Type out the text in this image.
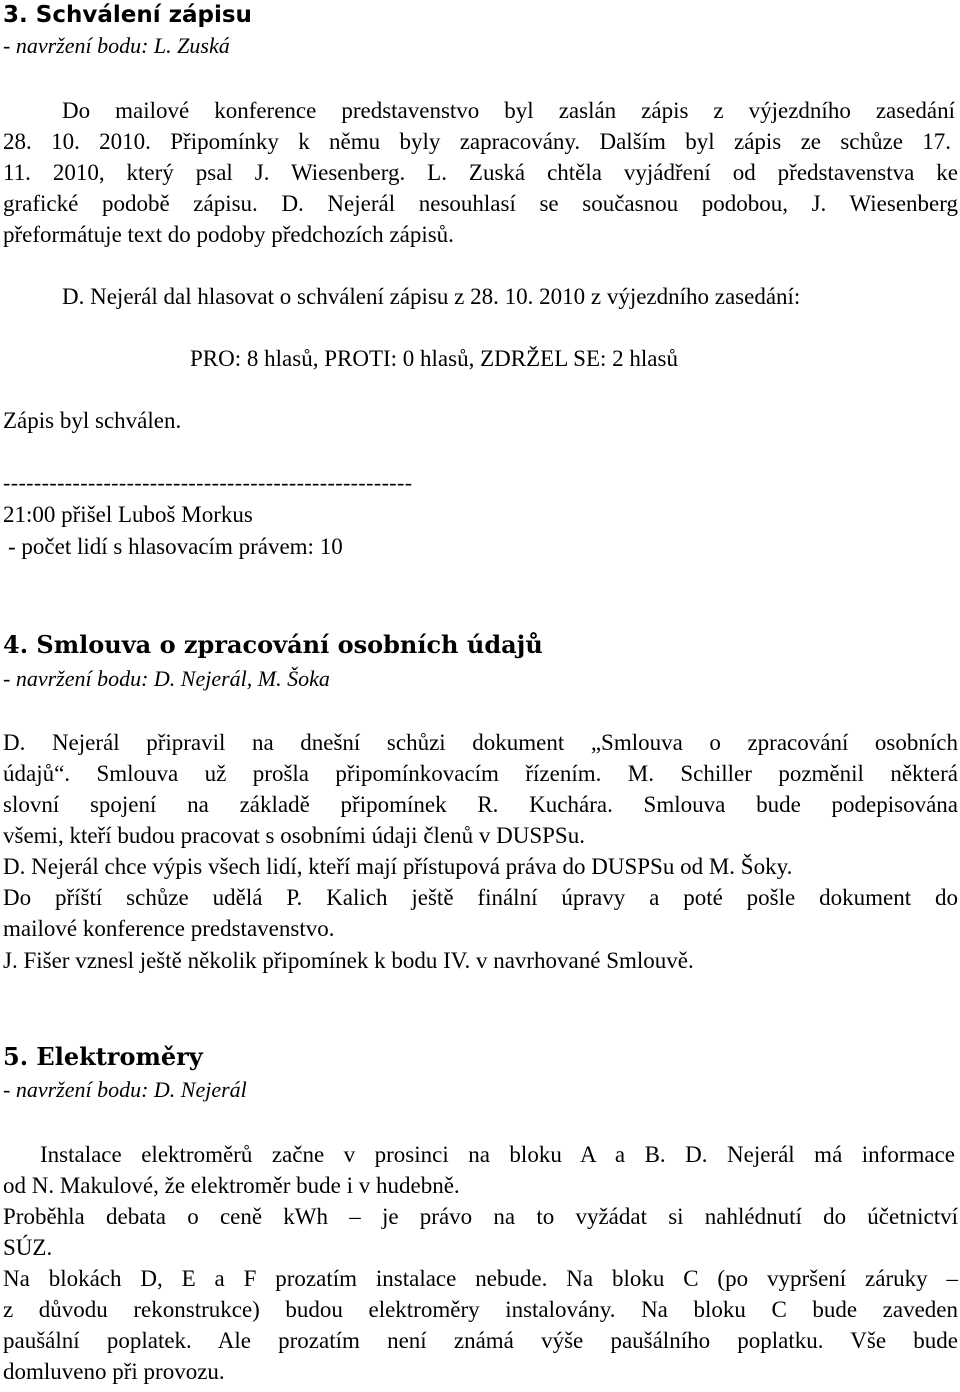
3. Schválení zápisu
- navržení bodu: L. Zuská
Do mailové konference predstavenstvo byl zaslán zápis z výjezdního zasedání
28. 10. 2010. Připomínky k němu byly zapracovány. Dalším byl zápis ze schůze 17.
11. 2010, který psal J. Wiesenberg. L. Zuská chtěla vyjádření od představenstva ke
grafické podobě zápisu. D. Nejerál nesouhlasí se současnou podobou, J. Wiesenberg
přeformátuje text do podoby předchozích zápisů.
D. Nejerál dal hlasovat o schválení zápisu z 28. 10. 2010 z výjezdního zasedání:
PRO: 8 hlasů, PROTI: 0 hlasů, ZDRŽEL SE: 2 hlasů
Zápis byl schválen.
-----------------------------------------------------
21:00 přišel Luboš Morkus
- počet lidí s hlasovacím právem: 10
4. Smlouva o zpracování osobních údajů
- navržení bodu: D. Nejerál, M. Šoka
D. Nejerál připravil na dnešní schůzi dokument „Smlouva o zpracování osobních
údajů“. Smlouva už prošla připomínkovacím řízením. M. Schiller pozměnil některá
slovní spojení na základě připomínek R. Kuchára. Smlouva bude podepisována
všemi, kteří budou pracovat s osobními údaji členů v DUSPSu.
D. Nejerál chce výpis všech lidí, kteří mají přístupová práva do DUSPSu od M. Šoky.
Do příští schůze udělá P. Kalich ještě finální úpravy a poté pošle dokument do
mailové konference predstavenstvo.
J. Fišer vznesl ještě několik připomínek k bodu IV. v navrhované Smlouvě.
5. Elektroměry
- navržení bodu: D. Nejerál
Instalace elektroměrů začne v prosinci na bloku A a B. D. Nejerál má informace
od N. Makulové, že elektroměr bude i v hudebně.
Proběhla debata o ceně kWh – je právo na to vyžádat si nahlédnutí do účetnictví
SÚZ.
Na blokách D, E a F prozatím instalace nebude. Na bloku C (po vypršení záruky –
z důvodu rekonstrukce) budou elektroměry instalovány. Na bloku C bude zaveden
paušální poplatek. Ale prozatím není známá výše paušálního poplatku. Vše bude
domluveno při provozu.
